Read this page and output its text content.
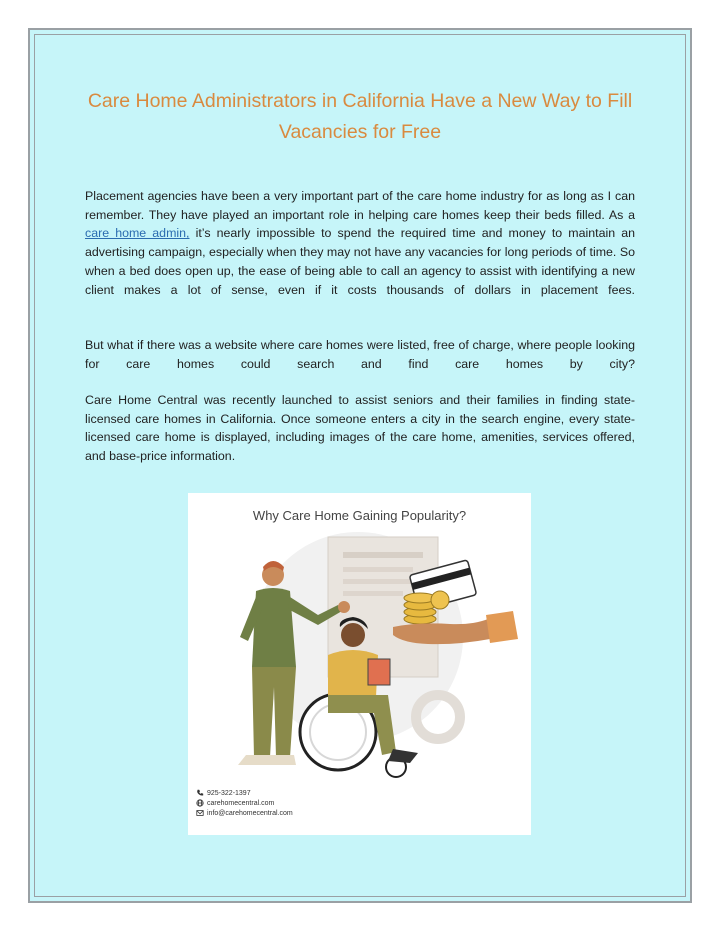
Care Home Administrators in California Have a New Way to Fill Vacancies for Free

Placement agencies have been a very important part of the care home industry for as long as I can remember. They have played an important role in helping care homes keep their beds filled. As a care home admin, it’s nearly impossible to spend the required time and money to maintain an advertising campaign, especially when they may not have any vacancies for long periods of time. So when a bed does open up, the ease of being able to call an agency to assist with identifying a new client makes a lot of sense, even if it costs thousands of dollars in placement fees.

But what if there was a website where care homes were listed, free of charge, where people looking for care homes could search and find care homes by city?

Care Home Central was recently launched to assist seniors and their families in finding state-licensed care homes in California. Once someone enters a city in the search engine, every state-licensed care home is displayed, including images of the care home, amenities, services offered, and base-price information.

Why Care Home Gaining Popularity?
925-322-1397
carehomecentral.com
info@carehomecentral.com
